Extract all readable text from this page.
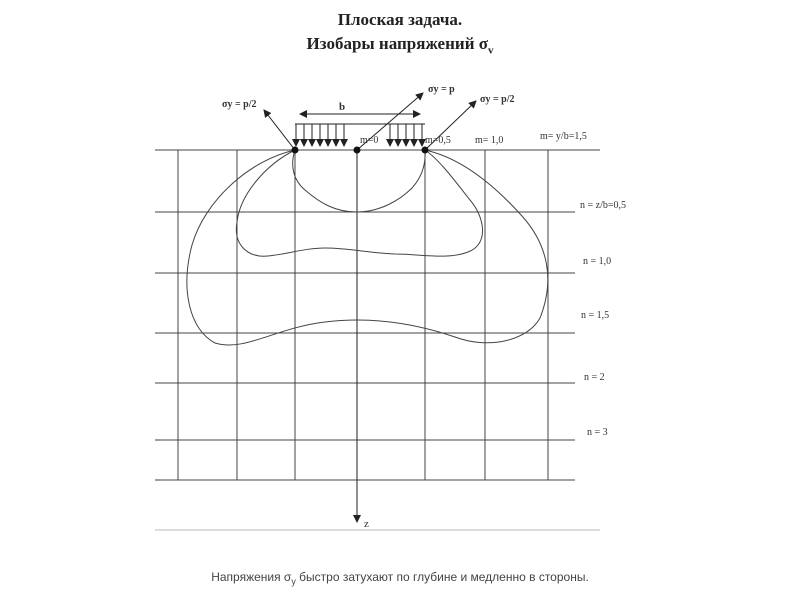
Плоская задача.
Изобары напряжений $\sigma_v$
z
b
σy = p/2
σy = p
σy = p/2
m=0	m=0,5 m= 1,0	m= y/b=1,5
n = z/b=0,5
n = 1,0
n = 1,5
n = 2
n = 3
Напряжения $\sigma_y$ быстро затухают по глубине и медленно в стороны.
